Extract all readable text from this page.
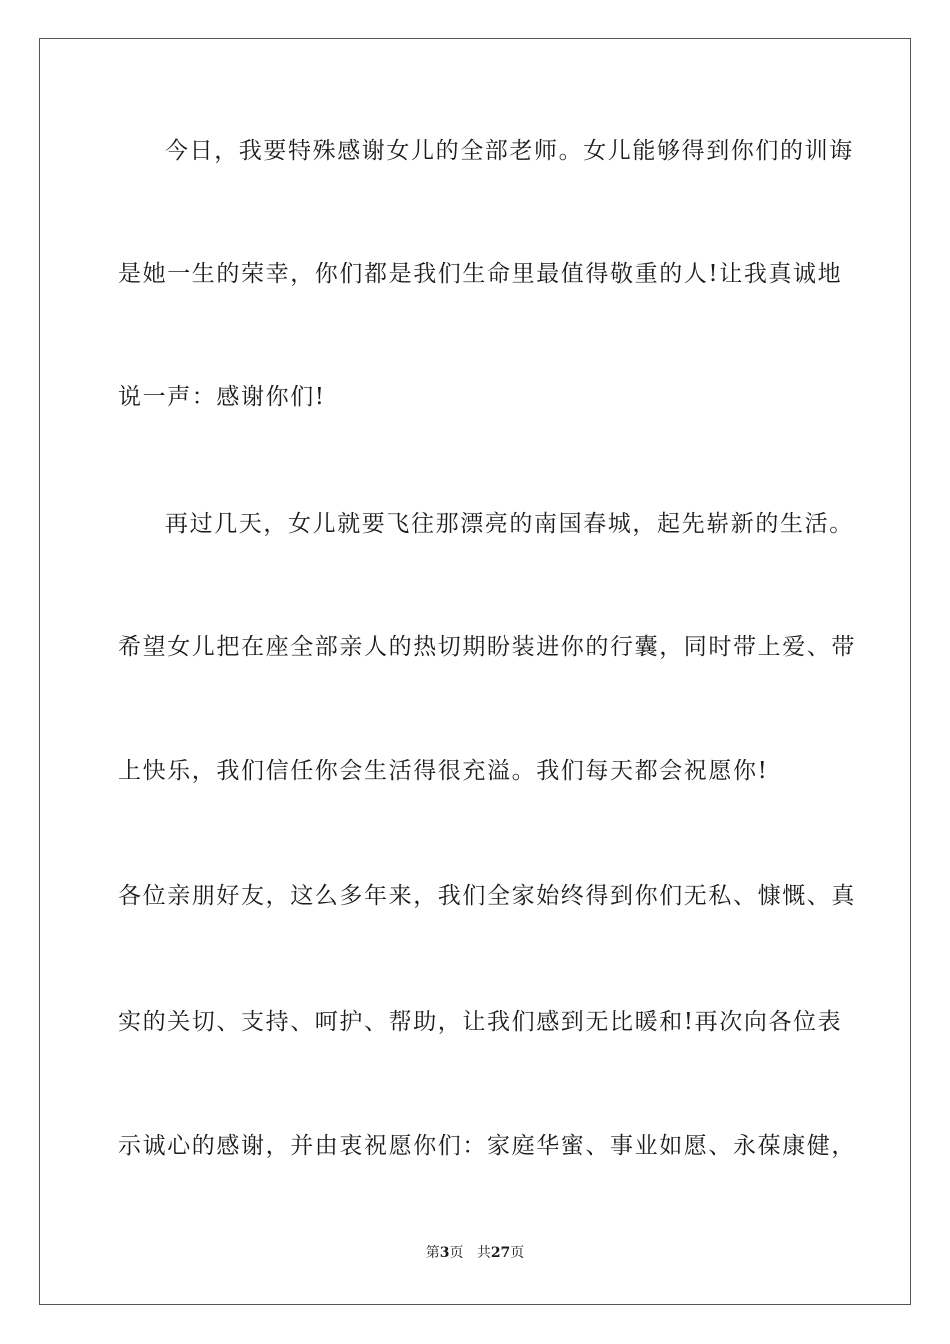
今日，我要特殊感谢女儿的全部老师。女儿能够得到你们的训诲
是她一生的荣幸，你们都是我们生命里最值得敬重的人!让我真诚地
说一声：感谢你们!
再过几天，女儿就要飞往那漂亮的南国春城，起先崭新的生活。
希望女儿把在座全部亲人的热切期盼装进你的行囊，同时带上爱、带
上快乐，我们信任你会生活得很充溢。我们每天都会祝愿你!
各位亲朋好友，这么多年来，我们全家始终得到你们无私、慷慨、真
实的关切、支持、呵护、帮助，让我们感到无比暖和!再次向各位表
示诚心的感谢，并由衷祝愿你们：家庭华蜜、事业如愿、永葆康健，
第3页 共27页
